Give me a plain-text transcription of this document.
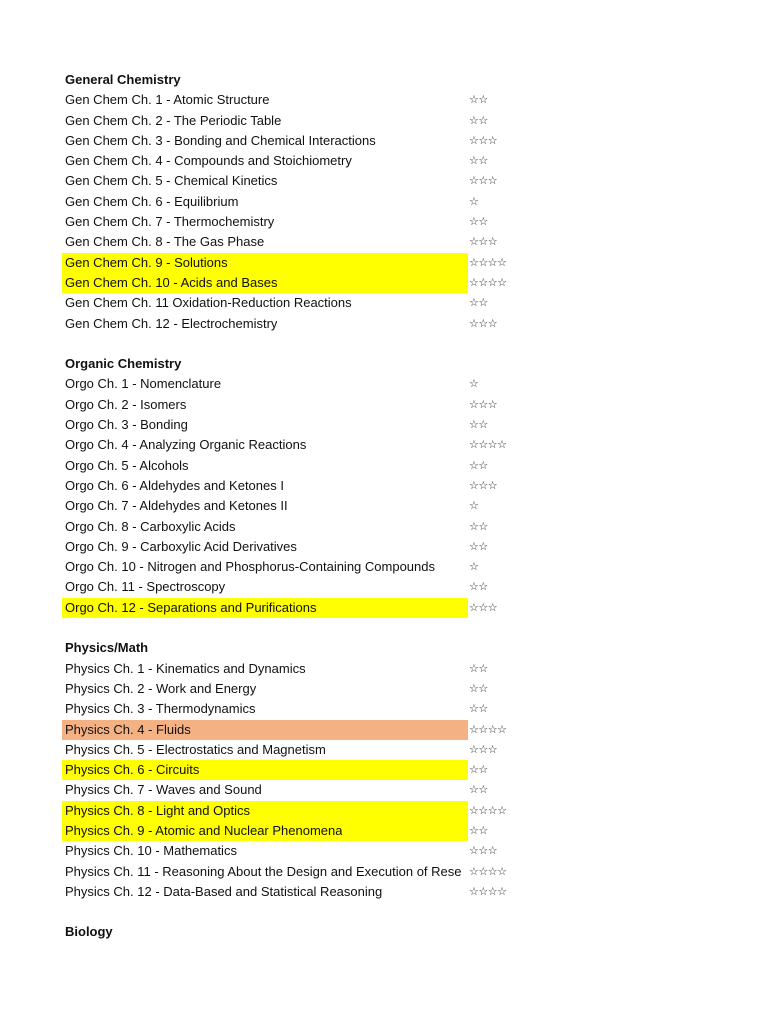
General Chemistry
Gen Chem Ch. 1 - Atomic Structure	☆☆
Gen Chem Ch. 2 - The Periodic Table	☆☆
Gen Chem Ch. 3 - Bonding and Chemical Interactions	☆☆☆
Gen Chem Ch. 4 - Compounds and Stoichiometry	☆☆
Gen Chem Ch. 5 - Chemical Kinetics	☆☆☆
Gen Chem Ch. 6 - Equilibrium	☆
Gen Chem Ch. 7 - Thermochemistry	☆☆
Gen Chem Ch. 8 - The Gas Phase	☆☆☆
Gen Chem Ch. 9 - Solutions	☆☆☆☆
Gen Chem Ch. 10 - Acids and Bases	☆☆☆☆
Gen Chem Ch. 11 Oxidation-Reduction Reactions	☆☆
Gen Chem Ch. 12 - Electrochemistry	☆☆☆
Organic Chemistry
Orgo Ch. 1 - Nomenclature	☆
Orgo Ch. 2 - Isomers	☆☆☆
Orgo Ch. 3 - Bonding	☆☆
Orgo Ch. 4 - Analyzing Organic Reactions	☆☆☆☆
Orgo Ch. 5 - Alcohols	☆☆
Orgo Ch. 6 - Aldehydes and Ketones I	☆☆☆
Orgo Ch. 7 - Aldehydes and Ketones II	☆
Orgo Ch. 8 - Carboxylic Acids	☆☆
Orgo Ch. 9 - Carboxylic Acid Derivatives	☆☆
Orgo Ch. 10 - Nitrogen and Phosphorus-Containing Compounds	☆
Orgo Ch. 11 - Spectroscopy	☆☆
Orgo Ch. 12 - Separations and Purifications	☆☆☆
Physics/Math
Physics Ch. 1 - Kinematics and Dynamics	☆☆
Physics Ch. 2 - Work and Energy	☆☆
Physics Ch. 3 - Thermodynamics	☆☆
Physics Ch. 4 - Fluids	☆☆☆☆
Physics Ch. 5 - Electrostatics and Magnetism	☆☆☆
Physics Ch. 6 - Circuits	☆☆
Physics Ch. 7 - Waves and Sound	☆☆
Physics Ch. 8 - Light and Optics	☆☆☆☆
Physics Ch. 9 - Atomic and Nuclear Phenomena	☆☆
Physics Ch. 10 - Mathematics	☆☆☆
Physics Ch. 11 - Reasoning About the Design and Execution of Rese ☆☆☆☆
Physics Ch. 12 - Data-Based and Statistical Reasoning	☆☆☆☆
Biology
